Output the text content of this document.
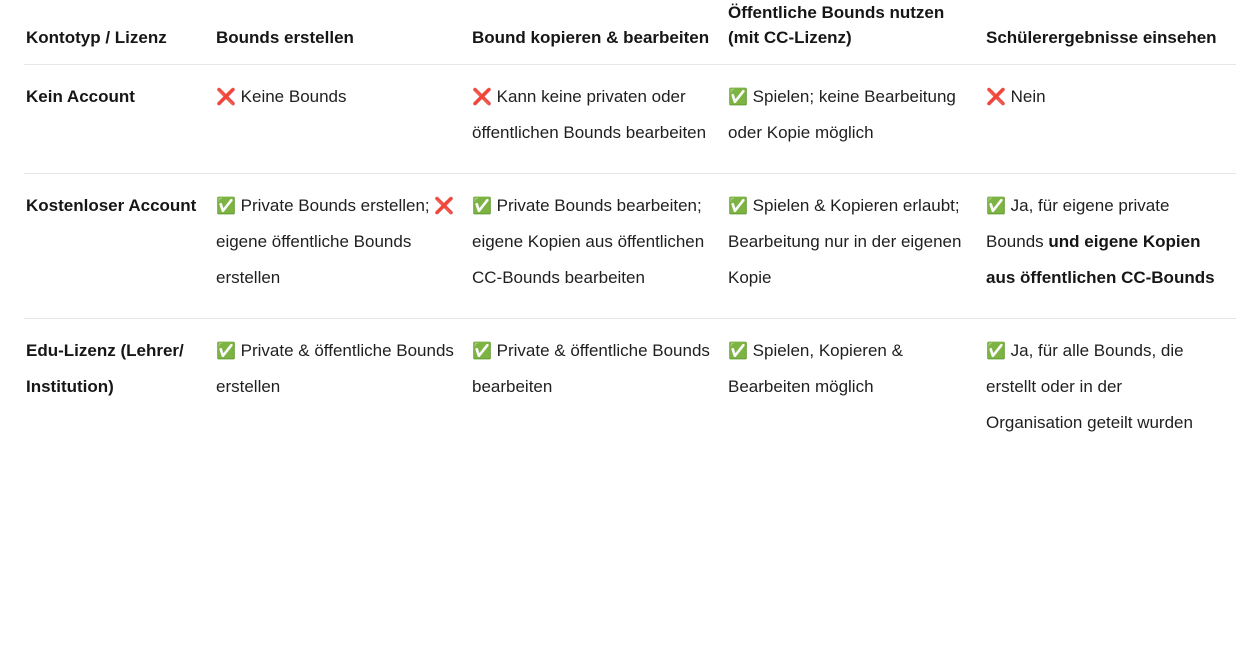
Kontotyp / Lizenz	Bounds erstellen	Bound kopieren & bearbeiten	Öffentliche Bounds nutzen (mit CC-Lizenz)	Schülerergebnisse einsehen
Kein Account	❌ Keine Bounds	❌ Kann keine privaten oder öffentlichen Bounds bearbeiten	✅ Spielen; keine Bearbeitung oder Kopie möglich	❌ Nein
Kostenloser Account	✅ Private Bounds erstellen; ❌ eigene öffentliche Bounds erstellen	✅ Private Bounds bearbeiten; eigene Kopien aus öffentlichen CC-Bounds bearbeiten	✅ Spielen & Kopieren erlaubt; Bearbeitung nur in der eigenen Kopie	✅ Ja, für eigene private Bounds und eigene Kopien aus öffentlichen CC-Bounds
Edu-Lizenz (Lehrer/ Institution)	✅ Private & öffentliche Bounds erstellen	✅ Private & öffentliche Bounds bearbeiten	✅ Spielen, Kopieren & Bearbeiten möglich	✅ Ja, für alle Bounds, die erstellt oder in der Organisation geteilt wurden
